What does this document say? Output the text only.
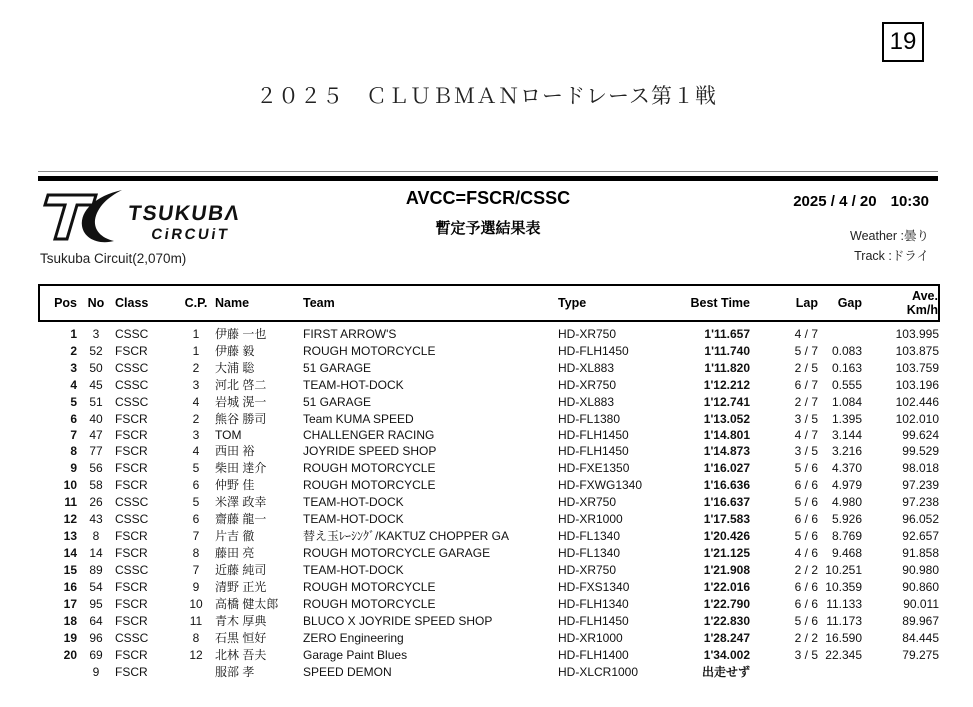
19
２０２５　ＣＬＵＢＭＡＮロードレース第１戦
TSUKUBΛ
CiRCUiT
Tsukuba Circuit(2,070m)
AVCC=FSCR/CSSC
暫定予選結果表
2025 / 4 / 20 10:30
Weather :曇り
Track :ドライ
Pos	No	Class	C.P.	Name	Team	Type	Best Time	Lap	Gap	Ave.
Km/h

1	3	CSSC	1	伊藤 一也	FIRST ARROW'S	HD-XR750	1'11.657	4 / 7		103.995
2	52	FSCR	1	伊藤 毅	ROUGH MOTORCYCLE	HD-FLH1450	1'11.740	5 / 7	0.083	103.875
3	50	CSSC	2	大浦 聡	51 GARAGE	HD-XL883	1'11.820	2 / 5	0.163	103.759
4	45	CSSC	3	河北 啓二	TEAM-HOT-DOCK	HD-XR750	1'12.212	6 / 7	0.555	103.196
5	51	CSSC	4	岩城 滉一	51 GARAGE	HD-XL883	1'12.741	2 / 7	1.084	102.446
6	40	FSCR	2	熊谷 勝司	Team KUMA SPEED	HD-FL1380	1'13.052	3 / 5	1.395	102.010
7	47	FSCR	3	TOM	CHALLENGER RACING	HD-FLH1450	1'14.801	4 / 7	3.144	99.624
8	77	FSCR	4	西田 裕	JOYRIDE SPEED SHOP	HD-FLH1450	1'14.873	3 / 5	3.216	99.529
9	56	FSCR	5	柴田 達介	ROUGH MOTORCYCLE	HD-FXE1350	1'16.027	5 / 6	4.370	98.018
10	58	FSCR	6	仲野 佳	ROUGH MOTORCYCLE	HD-FXWG1340	1'16.636	6 / 6	4.979	97.239
11	26	CSSC	5	米澤 政幸	TEAM-HOT-DOCK	HD-XR750	1'16.637	5 / 6	4.980	97.238
12	43	CSSC	6	齋藤 龍一	TEAM-HOT-DOCK	HD-XR1000	1'17.583	6 / 6	5.926	96.052
13	8	FSCR	7	片吉 徹	替え玉ﾚｰｼﾝｸﾞ/KAKTUZ CHOPPER GA	HD-FL1340	1'20.426	5 / 6	8.769	92.657
14	14	FSCR	8	藤田 亮	ROUGH MOTORCYCLE GARAGE	HD-FL1340	1'21.125	4 / 6	9.468	91.858
15	89	CSSC	7	近藤 純司	TEAM-HOT-DOCK	HD-XR750	1'21.908	2 / 2	10.251	90.980
16	54	FSCR	9	清野 正光	ROUGH MOTORCYCLE	HD-FXS1340	1'22.016	6 / 6	10.359	90.860
17	95	FSCR	10	高橋 健太郎	ROUGH MOTORCYCLE	HD-FLH1340	1'22.790	6 / 6	11.133	90.011
18	64	FSCR	11	青木 厚典	BLUCO X JOYRIDE SPEED SHOP	HD-FLH1450	1'22.830	5 / 6	11.173	89.967
19	96	CSSC	8	石黒 恒好	ZERO Engineering	HD-XR1000	1'28.247	2 / 2	16.590	84.445
20	69	FSCR	12	北林 吾夫	Garage Paint Blues	HD-FLH1400	1'34.002	3 / 5	22.345	79.275
	9	FSCR		服部 孝	SPEED DEMON	HD-XLCR1000	出走せず			
